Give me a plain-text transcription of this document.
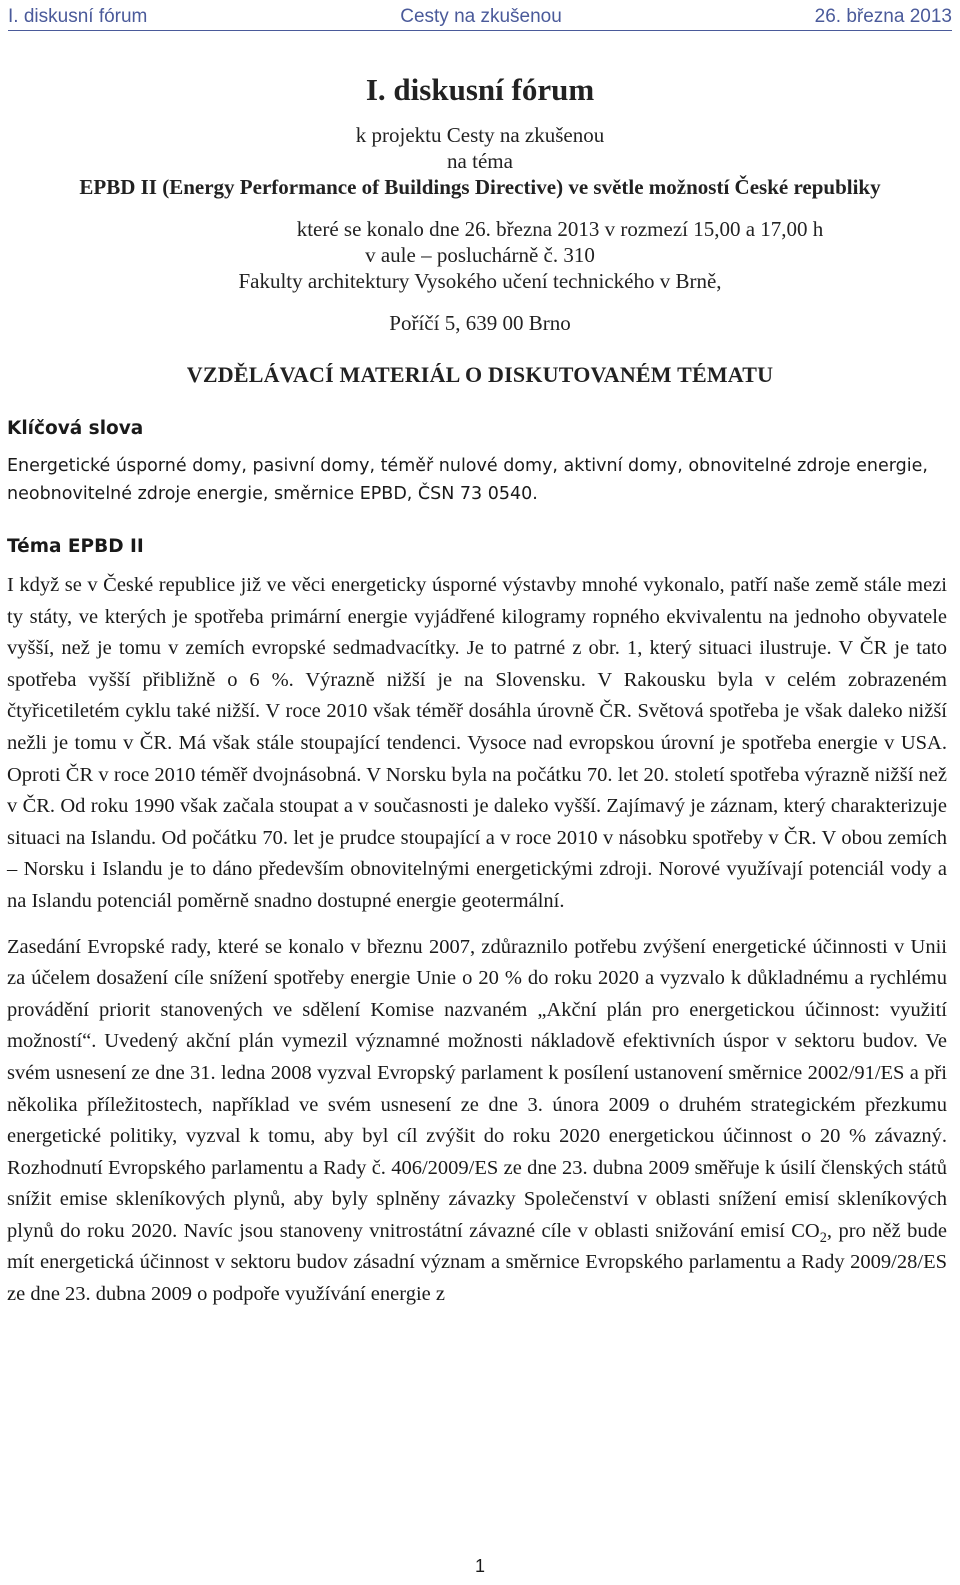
I. diskusní fórum	Cesty na zkušenou	26. března 2013

I. diskusní fórum

k projektu Cesty na zkušenou

na téma

EPBD II (Energy Performance of Buildings Directive) ve světle možností České republiky

které se konalo dne 26. března 2013 v rozmezí 15,00 a 17,00 h

v aule – posluchárně č. 310

Fakulty architektury Vysokého učení technického v Brně,

Poříčí 5, 639 00 Brno

VZDĚLÁVACÍ MATERIÁL O DISKUTOVANÉM TÉMATU

Klíčová slova

Energetické úsporné domy, pasivní domy, téměř nulové domy, aktivní domy, obnovitelné zdroje energie, neobnovitelné zdroje energie, směrnice EPBD, ČSN 73 0540.

Téma EPBD II

I když se v České republice již ve věci energeticky úsporné výstavby mnohé vykonalo, patří naše země stále mezi ty státy, ve kterých je spotřeba primární energie vyjádřené kilogramy ropného ekvivalentu na jednoho obyvatele vyšší, než je tomu v zemích evropské sedmadvacítky. Je to patrné z obr. 1, který situaci ilustruje. V ČR je tato spotřeba vyšší přibližně o 6 %. Výrazně nižší je na Slovensku. V Rakousku byla v celém zobrazeném čtyřicetiletém cyklu také nižší. V roce 2010 však téměř dosáhla úrovně ČR. Světová spotřeba je však daleko nižší nežli je tomu v ČR. Má však stále stoupající tendenci. Vysoce nad evropskou úrovní je spotřeba energie v USA. Oproti ČR v roce 2010 téměř dvojnásobná. V Norsku byla na počátku 70. let 20. století spotřeba výrazně nižší než v ČR. Od roku 1990 však začala stoupat a v současnosti je daleko vyšší. Zajímavý je záznam, který charakterizuje situaci na Islandu. Od počátku 70. let je prudce stoupající a v roce 2010 v násobku spotřeby v ČR. V obou zemích – Norsku i Islandu je to dáno především obnovitelnými energetickými zdroji. Norové využívají potenciál vody a na Islandu potenciál poměrně snadno dostupné energie geotermální.

Zasedání Evropské rady, které se konalo v březnu 2007, zdůraznilo potřebu zvýšení energetické účinnosti v Unii za účelem dosažení cíle snížení spotřeby energie Unie o 20 % do roku 2020 a vyzvalo k důkladnému a rychlému provádění priorit stanovených ve sdělení Komise nazvaném „Akční plán pro energetickou účinnost: využití možností“. Uvedený akční plán vymezil významné možnosti nákladově efektivních úspor v sektoru budov. Ve svém usnesení ze dne 31. ledna 2008 vyzval Evropský parlament k posílení ustanovení směrnice 2002/91/ES a při několika příležitostech, například ve svém usnesení ze dne 3. února 2009 o druhém strategickém přezkumu energetické politiky, vyzval k tomu, aby byl cíl zvýšit do roku 2020 energetickou účinnost o 20 % závazný. Rozhodnutí Evropského parlamentu a Rady č. 406/2009/ES ze dne 23. dubna 2009 směřuje k úsilí členských států snížit emise skleníkových plynů, aby byly splněny závazky Společenství v oblasti snížení emisí skleníkových plynů do roku 2020. Navíc jsou stanoveny vnitrostátní závazné cíle v oblasti snižování emisí $CO_2$, pro něž bude mít energetická účinnost v sektoru budov zásadní význam a směrnice Evropského parlamentu a Rady 2009/28/ES ze dne 23. dubna 2009 o podpoře využívání energie z

1
